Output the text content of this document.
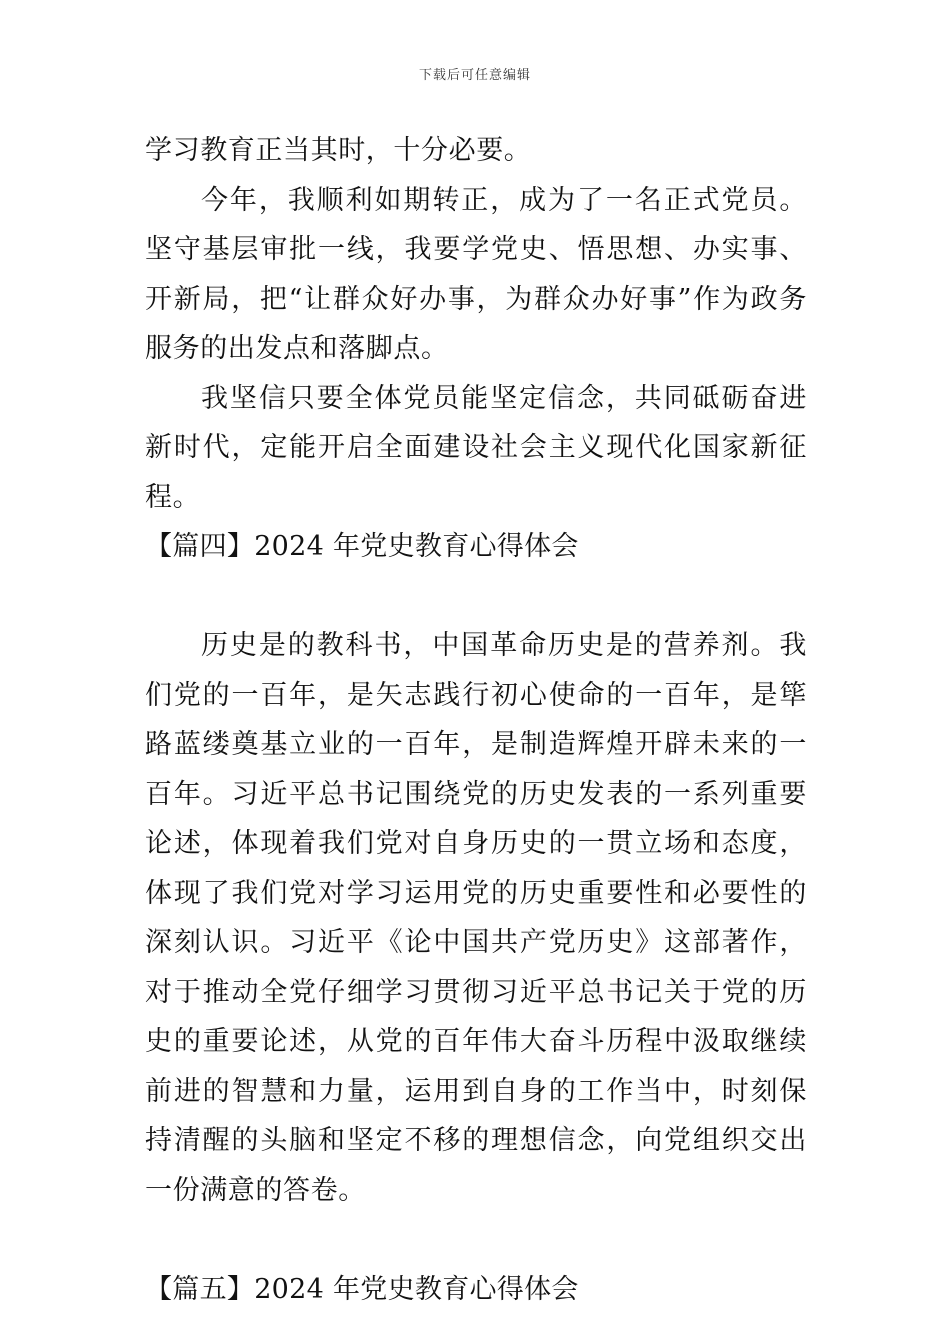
下载后可任意编辑

学习教育正当其时，十分必要。

今年，我顺利如期转正，成为了一名正式党员。坚守基层审批一线，我要学党史、悟思想、办实事、开新局，把“让群众好办事，为群众办好事”作为政务服务的出发点和落脚点。

我坚信只要全体党员能坚定信念，共同砥砺奋进新时代，定能开启全面建设社会主义现代化国家新征程。

【篇四】2024 年党史教育心得体会

历史是的教科书，中国革命历史是的营养剂。我们党的一百年，是矢志践行初心使命的一百年，是筚路蓝缕奠基立业的一百年，是制造辉煌开辟未来的一百年。习近平总书记围绕党的历史发表的一系列重要论述，体现着我们党对自身历史的一贯立场和态度，体现了我们党对学习运用党的历史重要性和必要性的深刻认识。习近平《论中国共产党历史》这部著作，对于推动全党仔细学习贯彻习近平总书记关于党的历史的重要论述，从党的百年伟大奋斗历程中汲取继续前进的智慧和力量，运用到自身的工作当中，时刻保持清醒的头脑和坚定不移的理想信念，向党组织交出一份满意的答卷。

【篇五】2024 年党史教育心得体会
